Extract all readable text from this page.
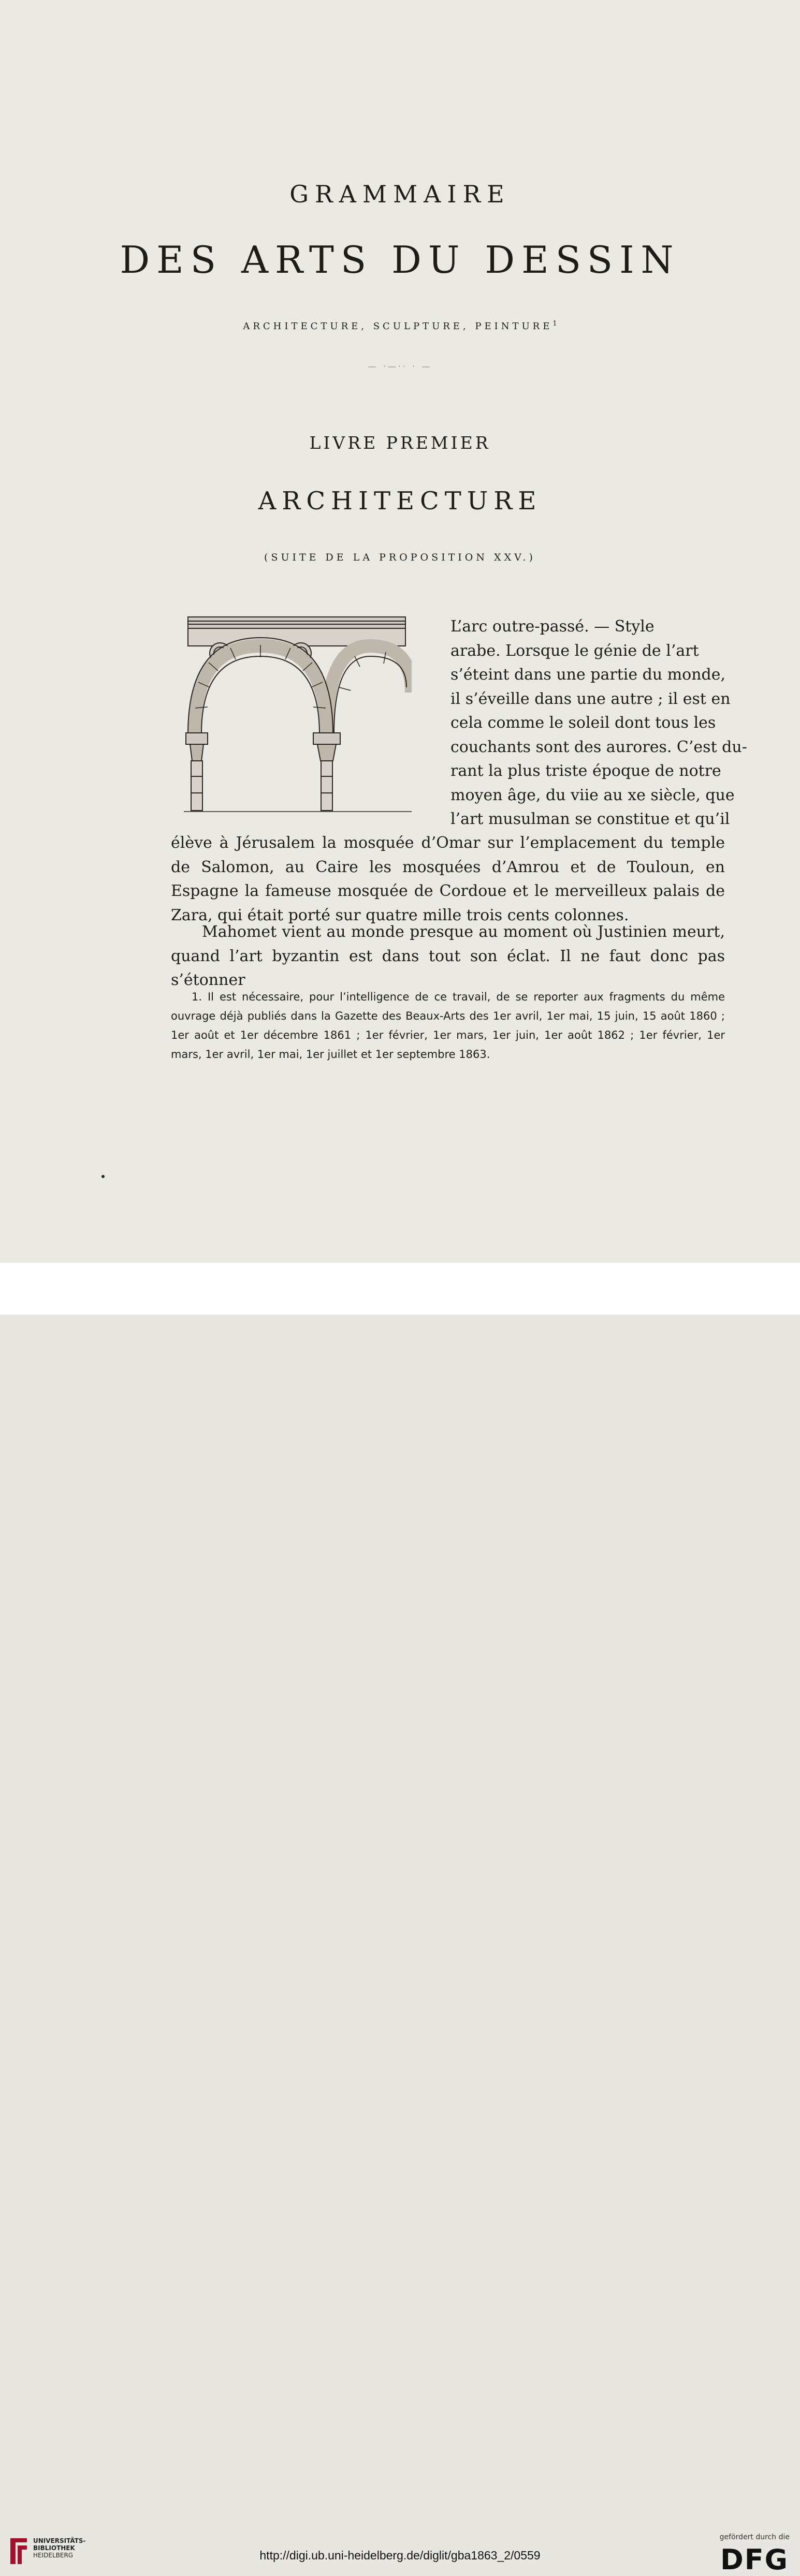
GRAMMAIRE
DES ARTS DU DESSIN
ARCHITECTURE, SCULPTURE, PEINTURE$^1$
— ·—·· · —
LIVRE PREMIER
ARCHITECTURE
(SUITE DE LA PROPOSITION XXV.)
L’arc outre-passé. — Style
arabe. Lorsque le génie de l’art
s’éteint dans une partie du monde,
il s’éveille dans une autre ; il est en
cela comme le soleil dont tous les
couchants sont des aurores. C’est du-
rant la plus triste époque de notre
moyen âge, du viie au xe siècle, que
l’art musulman se constitue et qu’il
élève à Jérusalem la mosquée d’Omar sur l’emplacement du temple de Salomon, au Caire les mosquées d’Amrou et de Touloun, en Espagne la fameuse mosquée de Cordoue et le merveilleux palais de Zara, qui était porté sur quatre mille trois cents colonnes.
Mahomet vient au monde presque au moment où Justinien meurt, quand l’art byzantin est dans tout son éclat. Il ne faut donc pas s’étonner
1. Il est nécessaire, pour l’intelligence de ce travail, de se reporter aux fragments du même ouvrage déjà publiés dans la Gazette des Beaux-Arts des 1er avril, 1er mai, 15 juin, 15 août 1860 ; 1er août et 1er décembre 1861 ; 1er février, 1er mars, 1er juin, 1er août 1862 ; 1er février, 1er mars, 1er avril, 1er mai, 1er juillet et 1er septembre 1863.
UNIVERSITÄTS-
BIBLIOTHEK
HEIDELBERG	http://digi.ub.uni-heidelberg.de/diglit/gba1863_2/0559
gefördert durch die
DFG
